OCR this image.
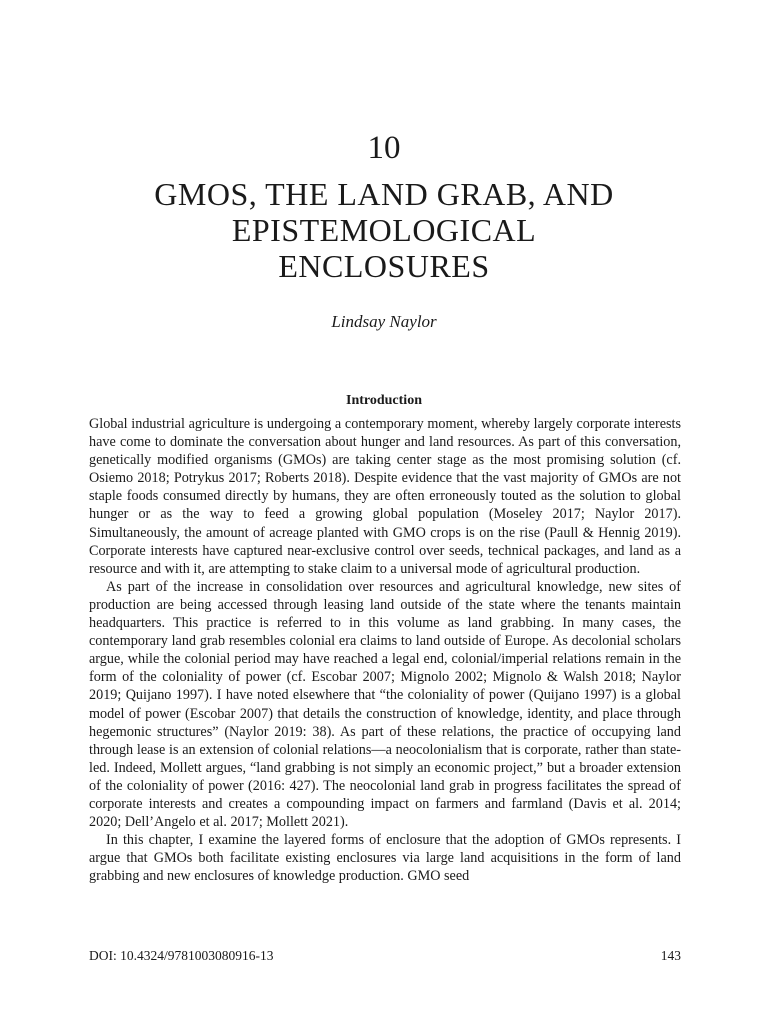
10
GMOS, THE LAND GRAB, AND
EPISTEMOLOGICAL
ENCLOSURES
Lindsay Naylor
Introduction

Global industrial agriculture is undergoing a contemporary moment, whereby largely corporate interests have come to dominate the conversation about hunger and land resources. As part of this conversation, genetically modified organisms (GMOs) are taking center stage as the most promising solution (cf. Osiemo 2018; Potrykus 2017; Roberts 2018). Despite evidence that the vast majority of GMOs are not staple foods consumed directly by humans, they are often erroneously touted as the solution to global hunger or as the way to feed a growing global population (Moseley 2017; Naylor 2017). Simultaneously, the amount of acreage planted with GMO crops is on the rise (Paull & Hennig 2019). Corporate interests have captured near-exclusive control over seeds, technical packages, and land as a resource and with it, are attempting to stake claim to a universal mode of agricultural production.

As part of the increase in consolidation over resources and agricultural knowledge, new sites of production are being accessed through leasing land outside of the state where the tenants maintain headquarters. This practice is referred to in this volume as land grabbing. In many cases, the contemporary land grab resembles colonial era claims to land outside of Europe. As decolonial scholars argue, while the colonial period may have reached a legal end, colonial/imperial relations remain in the form of the coloniality of power (cf. Escobar 2007; Mignolo 2002; Mignolo & Walsh 2018; Naylor 2019; Quijano 1997). I have noted elsewhere that “the coloniality of power (Quijano 1997) is a global model of power (Escobar 2007) that details the construction of knowledge, identity, and place through hegemonic structures” (Naylor 2019: 38). As part of these relations, the practice of occupying land through lease is an extension of colonial relations—a neocolonialism that is corporate, rather than state-led. Indeed, Mollett argues, “land grabbing is not simply an economic project,” but a broader extension of the coloniality of power (2016: 427). The neocolonial land grab in progress facilitates the spread of corporate interests and creates a compounding impact on farmers and farmland (Davis et al. 2014; 2020; Dell’Angelo et al. 2017; Mollett 2021).

In this chapter, I examine the layered forms of enclosure that the adoption of GMOs represents. I argue that GMOs both facilitate existing enclosures via large land acquisitions in the form of land grabbing and new enclosures of knowledge production. GMO seed

DOI: 10.4324/9781003080916-13	143
